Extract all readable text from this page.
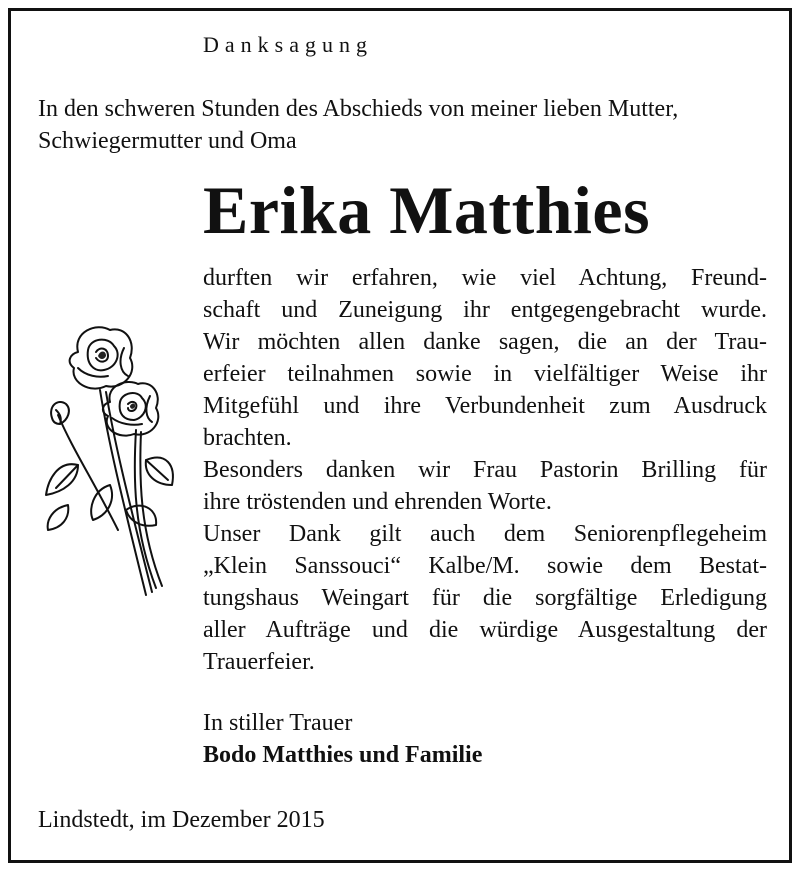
Danksagung
In den schweren Stunden des Abschieds von meiner lieben Mutter,
Schwiegermutter und Oma
Erika Matthies
durften wir erfahren, wie viel Achtung, Freund-
schaft und Zuneigung ihr entgegengebracht wurde.
Wir möchten allen danke sagen, die an der Trau-
erfeier teilnahmen sowie in vielfältiger Weise ihr
Mitgefühl und ihre Verbundenheit zum Ausdruck
brachten.
Besonders danken wir Frau Pastorin Brilling für
ihre tröstenden und ehrenden Worte.
Unser Dank gilt auch dem Seniorenpflegeheim
„Klein Sanssouci“ Kalbe/M. sowie dem Bestat-
tungshaus Weingart für die sorgfältige Erledigung
aller Aufträge und die würdige Ausgestaltung der
Trauerfeier.
In stiller Trauer
Bodo Matthies und Familie
Lindstedt, im Dezember 2015
